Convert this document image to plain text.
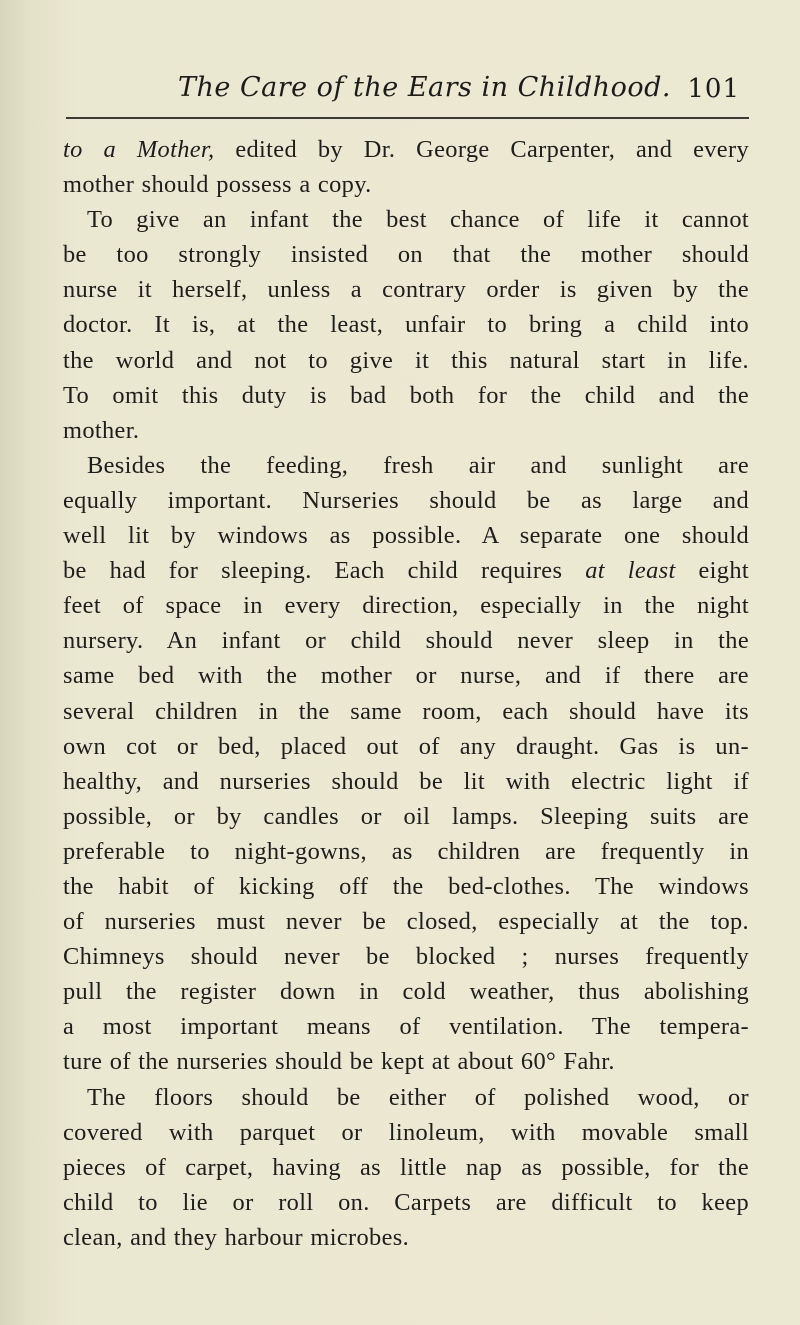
The Care of the Ears in Childhood. 101
to a Mother, edited by Dr. George Carpenter, and every
mother should possess a copy.
To give an infant the best chance of life it cannot
be too strongly insisted on that the mother should
nurse it herself, unless a contrary order is given by the
doctor. It is, at the least, unfair to bring a child into
the world and not to give it this natural start in life.
To omit this duty is bad both for the child and the
mother.
Besides the feeding, fresh air and sunlight are
equally important. Nurseries should be as large and
well lit by windows as possible. A separate one should
be had for sleeping. Each child requires at least eight
feet of space in every direction, especially in the night
nursery. An infant or child should never sleep in the
same bed with the mother or nurse, and if there are
several children in the same room, each should have its
own cot or bed, placed out of any draught. Gas is un-
healthy, and nurseries should be lit with electric light if
possible, or by candles or oil lamps. Sleeping suits are
preferable to night-gowns, as children are frequently in
the habit of kicking off the bed-clothes. The windows
of nurseries must never be closed, especially at the top.
Chimneys should never be blocked ; nurses frequently
pull the register down in cold weather, thus abolishing
a most important means of ventilation. The tempera-
ture of the nurseries should be kept at about 60° Fahr.
The floors should be either of polished wood, or
covered with parquet or linoleum, with movable small
pieces of carpet, having as little nap as possible, for the
child to lie or roll on. Carpets are difficult to keep
clean, and they harbour microbes.
